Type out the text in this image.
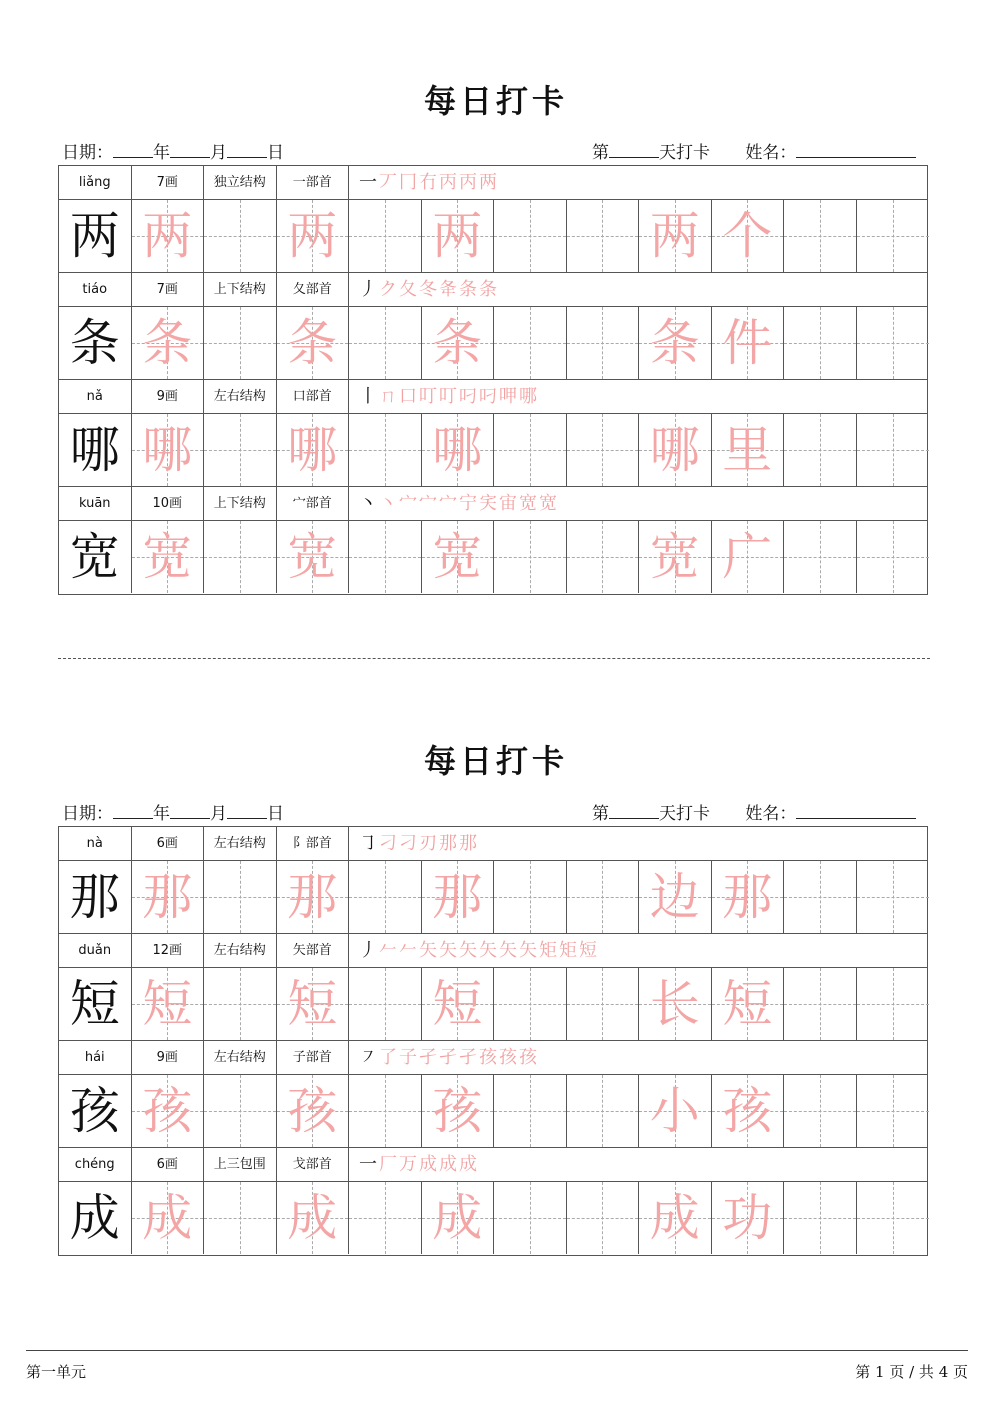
每日打卡
日期： 年 月 日	第	天打卡 姓名：
liǎng	7画	独立结构	一部首	一丆冂冇丙丙两
两 两 两 两	两 个
tiáo	7画	上下结构	夂部首	丿ク夂冬夅条条
条 条 条 条	条 件
nǎ	9画	左右结构	口部首	丨ㄇ口叮叮叼叼呷哪
哪 哪 哪 哪	哪 里
kuān	10画	上下结构	宀部首	丶丶宀宀宀宁宎宙宽宽
宽 宽 宽 宽	宽 广
每日打卡
日期： 年 月 日	第	天打卡 姓名：
nà	6画	左右结构	阝部首	㇆刁刁刃那那
那 那 那 那	边 那
duǎn	12画	左右结构	矢部首	丿𠂉𠂉矢矢矢矢矢矢矩矩短
短 短 短 短	长 短
hái	9画	左右结构	子部首	㇇了子孑孑孑孩孩孩
孩 孩 孩 孩	小 孩
chéng	6画	上三包围	戈部首	一厂万成成成
成 成 成 成	成 功
第一单元	第 1 页 / 共 4 页
